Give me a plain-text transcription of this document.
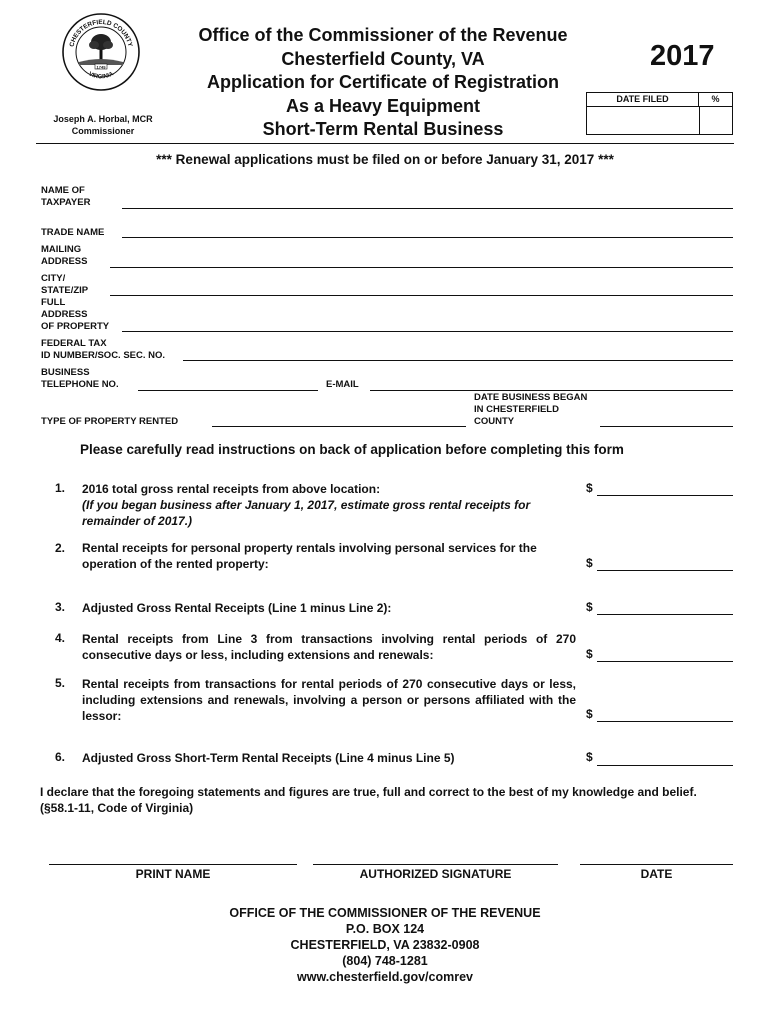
CHESTERFIELD COUNTY
VIRGINIA
1749
Joseph A. Horbal, MCR
Commissioner
Office of the Commissioner of the Revenue
Chesterfield County, VA
Application for Certificate of Registration
As a Heavy Equipment
Short-Term Rental Business
2017
DATE FILED	%
*** Renewal applications must be filed on or before January 31, 2017 ***
NAME OF
TAXPAYER
TRADE NAME
MAILING
ADDRESS
CITY/
STATE/ZIP
FULL
ADDRESS
OF PROPERTY
FEDERAL TAX
ID NUMBER/SOC. SEC. NO.
BUSINESS
TELEPHONE NO.	E-MAIL
TYPE OF PROPERTY RENTED
DATE BUSINESS BEGAN
IN CHESTERFIELD
COUNTY
Please carefully read instructions on back of application before completing this form
1. 2016 total gross rental receipts from above location:
(If you began business after January 1, 2017, estimate gross rental receipts for remainder of 2017.)
$
2. Rental receipts for personal property rentals involving personal services for the operation of the rented property:	$
3. Adjusted Gross Rental Receipts (Line 1 minus Line 2):	$
4. Rental receipts from Line 3 from transactions involving rental periods of 270 consecutive days or less, including extensions and renewals:	$
5. Rental receipts from transactions for rental periods of 270 consecutive days or less, including extensions and renewals, involving a person or persons affiliated with the lessor:	$
6. Adjusted Gross Short-Term Rental Receipts (Line 4 minus Line 5)	$
I declare that the foregoing statements and figures are true, full and correct to the best of my knowledge and belief. (§58.1-11, Code of Virginia)
PRINT NAME	AUTHORIZED SIGNATURE	DATE
OFFICE OF THE COMMISSIONER OF THE REVENUE
P.O. BOX 124
CHESTERFIELD, VA 23832-0908
(804) 748-1281
www.chesterfield.gov/comrev
